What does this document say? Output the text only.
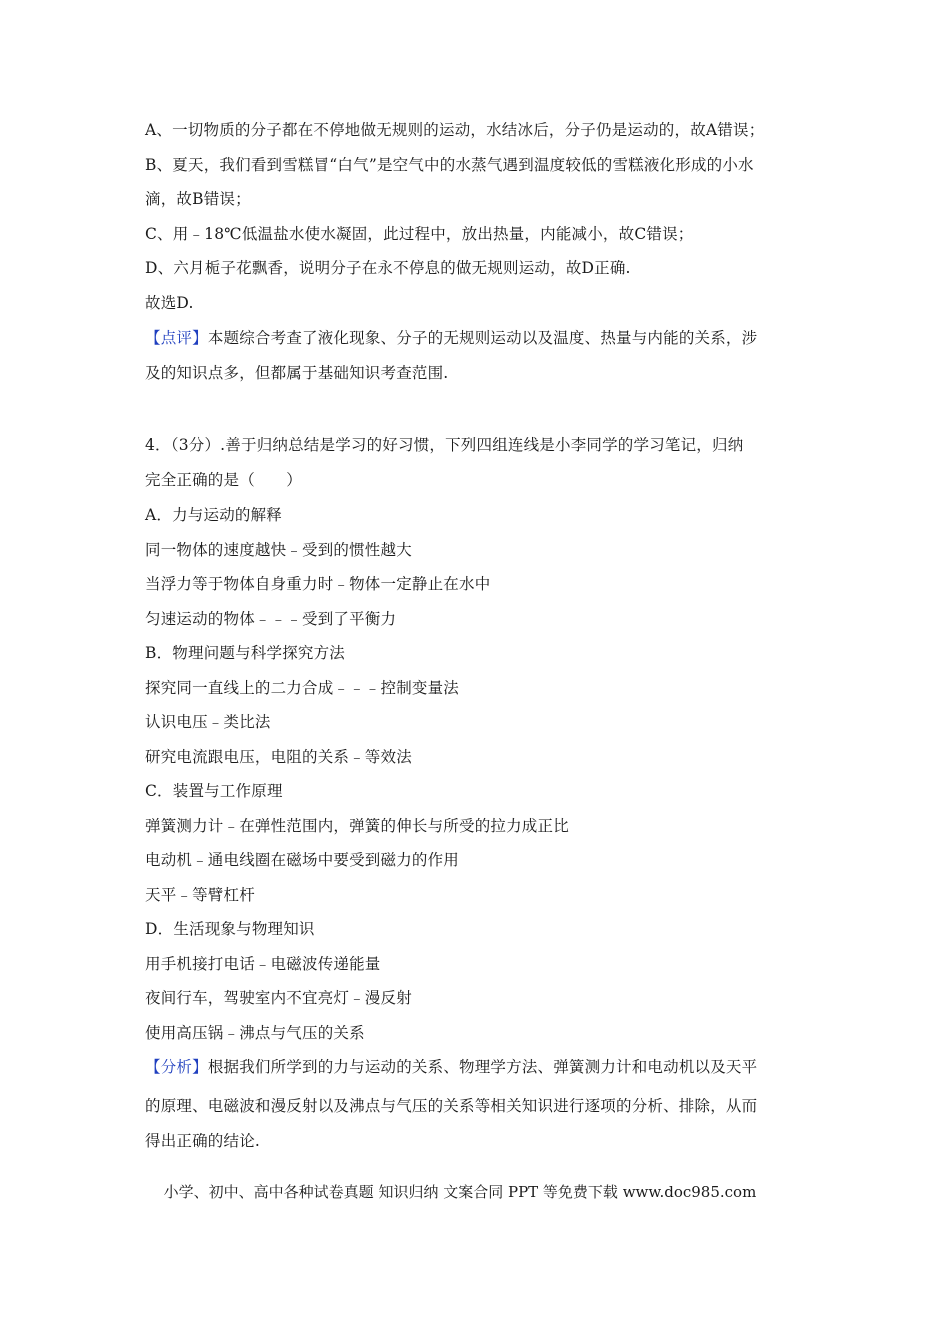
A、一切物质的分子都在不停地做无规则的运动，水结冰后，分子仍是运动的，故A错误；
B、夏天，我们看到雪糕冒“白气”是空气中的水蒸气遇到温度较低的雪糕液化形成的小水
滴，故B错误；
C、用﹣18℃低温盐水使水凝固，此过程中，放出热量，内能减小，故C错误；
D、六月栀子花飘香，说明分子在永不停息的做无规则运动，故D正确.
故选D.
【点评】本题综合考查了液化现象、分子的无规则运动以及温度、热量与内能的关系，涉
及的知识点多，但都属于基础知识考查范围.
4．（3分）.善于归纳总结是学习的好习惯，下列四组连线是小李同学的学习笔记，归纳
完全正确的是（　　）
A．力与运动的解释
同一物体的速度越快﹣受到的惯性越大
当浮力等于物体自身重力时﹣物体一定静止在水中
匀速运动的物体﹣﹣﹣受到了平衡力
B．物理问题与科学探究方法
探究同一直线上的二力合成﹣﹣﹣控制变量法
认识电压﹣类比法
研究电流跟电压，电阻的关系﹣等效法
C．装置与工作原理
弹簧测力计﹣在弹性范围内，弹簧的伸长与所受的拉力成正比
电动机﹣通电线圈在磁场中要受到磁力的作用
天平﹣等臂杠杆
D．生活现象与物理知识
用手机接打电话﹣电磁波传递能量
夜间行车，驾驶室内不宜亮灯﹣漫反射
使用高压锅﹣沸点与气压的关系
【分析】根据我们所学到的力与运动的关系、物理学方法、弹簧测力计和电动机以及天平
的原理、电磁波和漫反射以及沸点与气压的关系等相关知识进行逐项的分析、排除，从而
得出正确的结论.
小学、初中、高中各种试卷真题 知识归纳 文案合同 PPT 等免费下载 www.doc985.com
